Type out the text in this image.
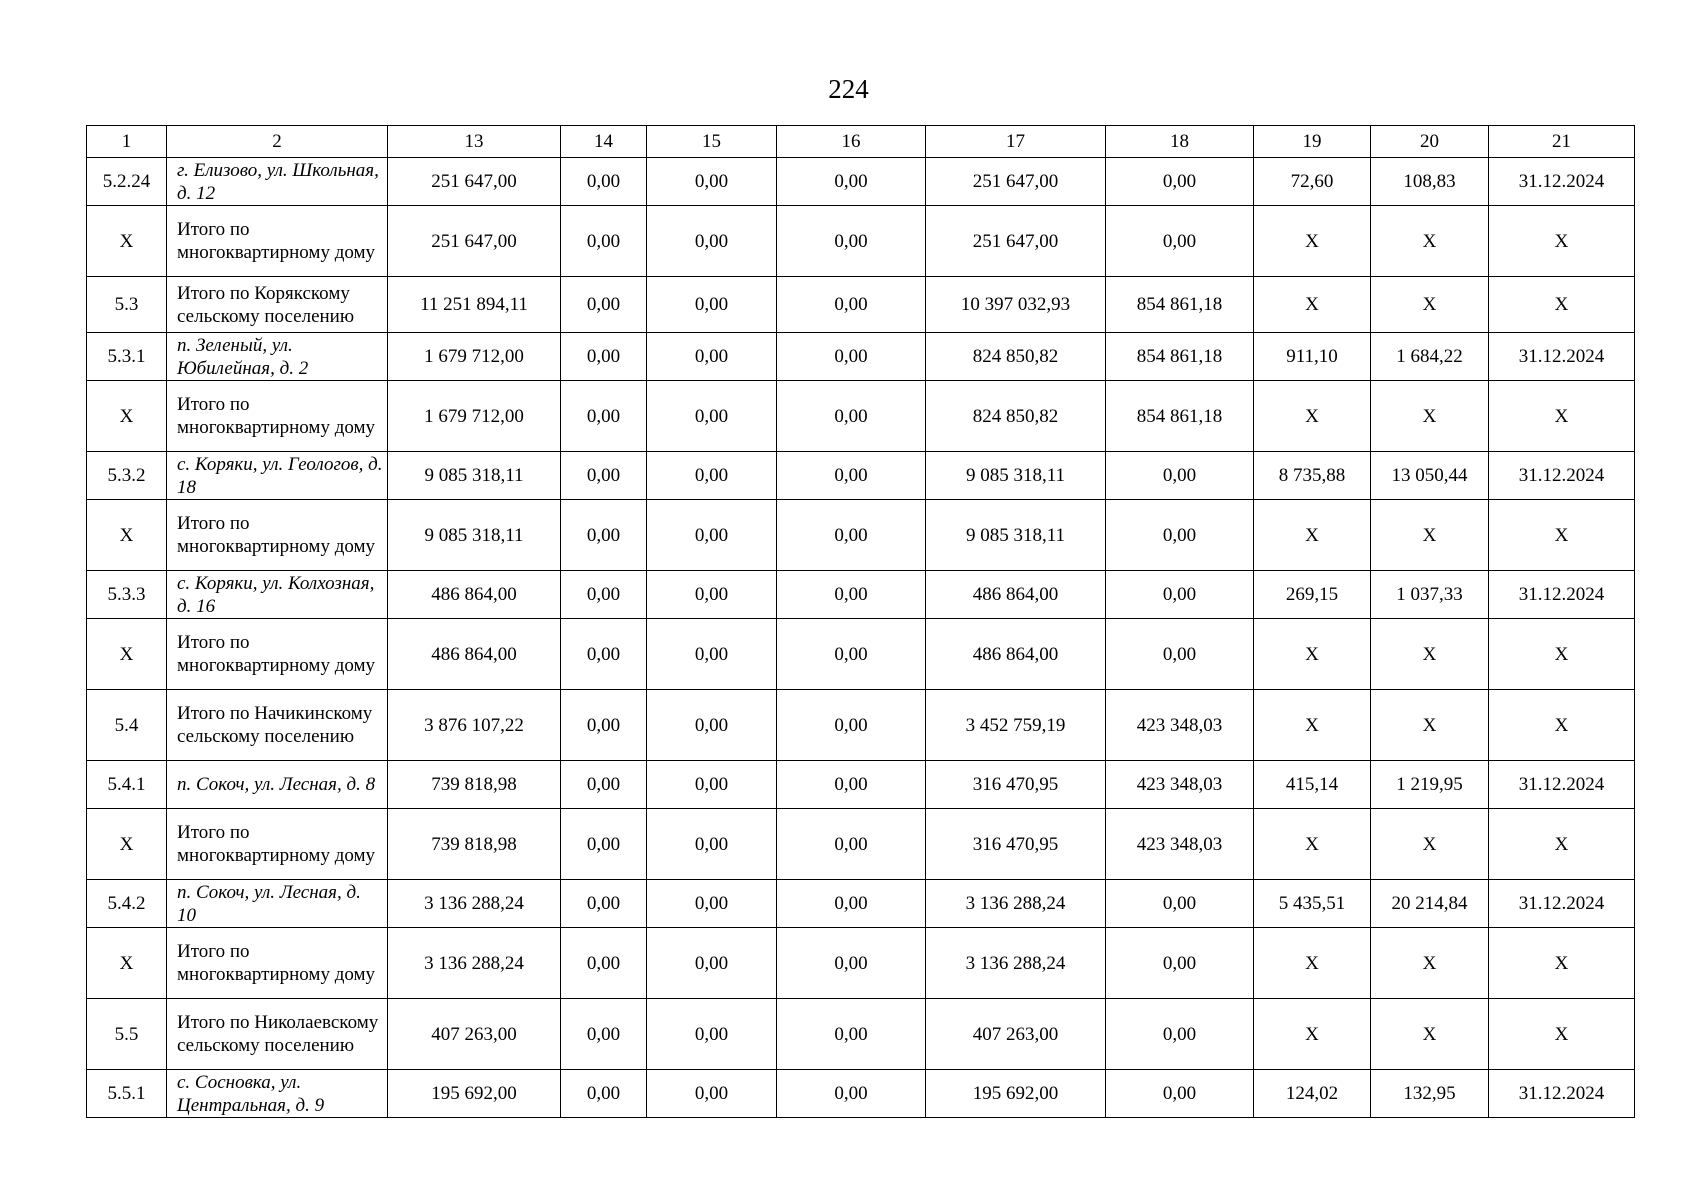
224
1	2	13	14	15	16	17	18	19	20	21
5.2.24	г. Елизово, ул. Школьная, д. 12	251 647,00	0,00	0,00	0,00	251 647,00	0,00	72,60	108,83	31.12.2024
Х	Итого по многоквартирному дому	251 647,00	0,00	0,00	0,00	251 647,00	0,00	Х	Х	Х
5.3	Итого по Корякскому сельскому поселению	11 251 894,11	0,00	0,00	0,00	10 397 032,93	854 861,18	Х	Х	Х
5.3.1	п. Зеленый, ул. Юбилейная, д. 2	1 679 712,00	0,00	0,00	0,00	824 850,82	854 861,18	911,10	1 684,22	31.12.2024
Х	Итого по многоквартирному дому	1 679 712,00	0,00	0,00	0,00	824 850,82	854 861,18	Х	Х	Х
5.3.2	с. Коряки, ул. Геологов, д. 18	9 085 318,11	0,00	0,00	0,00	9 085 318,11	0,00	8 735,88	13 050,44	31.12.2024
Х	Итого по многоквартирному дому	9 085 318,11	0,00	0,00	0,00	9 085 318,11	0,00	Х	Х	Х
5.3.3	с. Коряки, ул. Колхозная, д. 16	486 864,00	0,00	0,00	0,00	486 864,00	0,00	269,15	1 037,33	31.12.2024
Х	Итого по многоквартирному дому	486 864,00	0,00	0,00	0,00	486 864,00	0,00	Х	Х	Х
5.4	Итого по Начикинскому сельскому поселению	3 876 107,22	0,00	0,00	0,00	3 452 759,19	423 348,03	Х	Х	Х
5.4.1	п. Сокоч, ул. Лесная, д. 8	739 818,98	0,00	0,00	0,00	316 470,95	423 348,03	415,14	1 219,95	31.12.2024
Х	Итого по многоквартирному дому	739 818,98	0,00	0,00	0,00	316 470,95	423 348,03	Х	Х	Х
5.4.2	п. Сокоч, ул. Лесная, д. 10	3 136 288,24	0,00	0,00	0,00	3 136 288,24	0,00	5 435,51	20 214,84	31.12.2024
Х	Итого по многоквартирному дому	3 136 288,24	0,00	0,00	0,00	3 136 288,24	0,00	Х	Х	Х
5.5	Итого по Николаевскому сельскому поселению	407 263,00	0,00	0,00	0,00	407 263,00	0,00	Х	Х	Х
5.5.1	с. Сосновка, ул. Центральная, д. 9	195 692,00	0,00	0,00	0,00	195 692,00	0,00	124,02	132,95	31.12.2024
